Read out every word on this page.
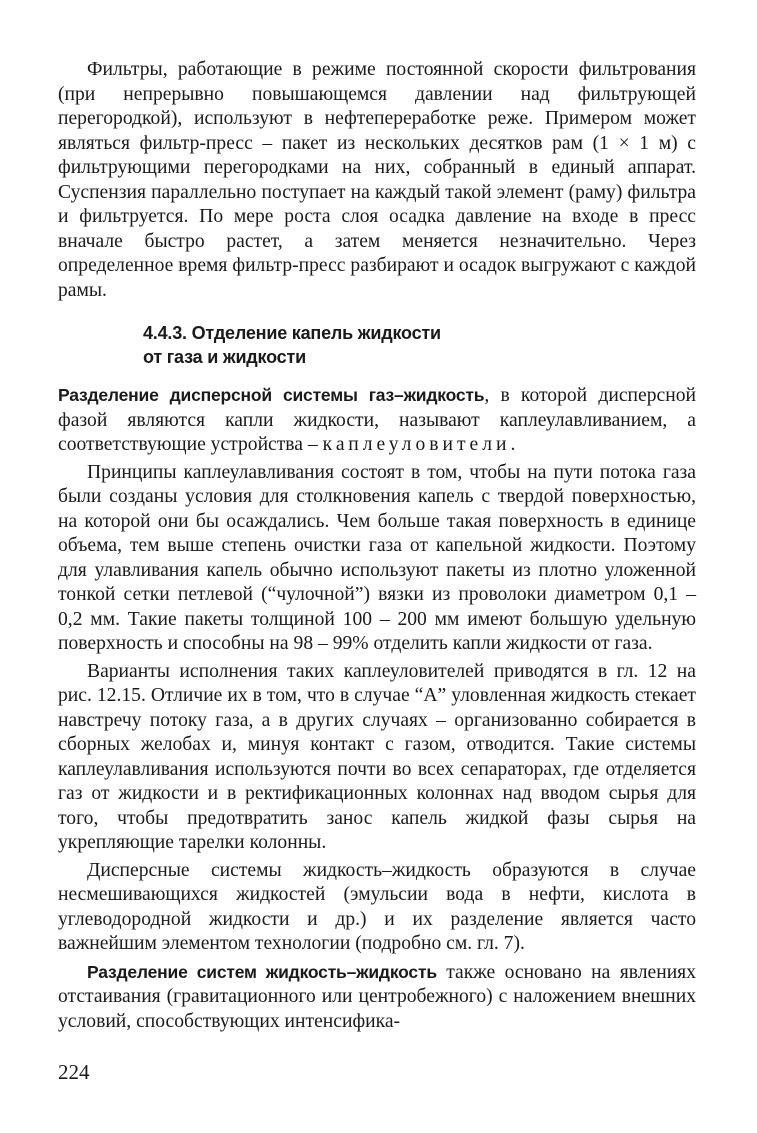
Фильтры, работающие в режиме постоянной скорости фильтрования (при непрерывно повышающемся давлении над фильтрующей перегородкой), используют в нефтепереработке реже. Примером может являться фильтр-пресс – пакет из нескольких десятков рам (1 × 1 м) с фильтрующими перегородками на них, собранный в единый аппарат. Суспензия параллельно поступает на каждый такой элемент (раму) фильтра и фильтруется. По мере роста слоя осадка давление на входе в пресс вначале быстро растет, а затем меняется незначительно. Через определенное время фильтр-пресс разбирают и осадок выгружают с каждой рамы.

4.4.3. Отделение капель жидкости
от газа и жидкости

Разделение дисперсной системы газ–жидкость, в которой дисперсной фазой являются капли жидкости, называют каплеулавливанием, а соответствующие устройства – каплеуловители.

Принципы каплеулавливания состоят в том, чтобы на пути потока газа были созданы условия для столкновения капель с твердой поверхностью, на которой они бы осаждались. Чем больше такая поверхность в единице объема, тем выше степень очистки газа от капельной жидкости. Поэтому для улавливания капель обычно используют пакеты из плотно уложенной тонкой сетки петлевой (“чулочной”) вязки из проволоки диаметром 0,1 – 0,2 мм. Такие пакеты толщиной 100 – 200 мм имеют большую удельную поверхность и способны на 98 – 99% отделить капли жидкости от газа.

Варианты исполнения таких каплеуловителей приводятся в гл. 12 на рис. 12.15. Отличие их в том, что в случае “А” уловленная жидкость стекает навстречу потоку газа, а в других случаях – организованно собирается в сборных желобах и, минуя контакт с газом, отводится. Такие системы каплеулавливания используются почти во всех сепараторах, где отделяется газ от жидкости и в ректификационных колоннах над вводом сырья для того, чтобы предотвратить занос капель жидкой фазы сырья на укрепляющие тарелки колонны.

Дисперсные системы жидкость–жидкость образуются в случае несмешивающихся жидкостей (эмульсии вода в нефти, кислота в углеводородной жидкости и др.) и их разделение является часто важнейшим элементом технологии (подробно см. гл. 7).

Разделение систем жидкость–жидкость также основано на явлениях отстаивания (гравитационного или центробежного) с наложением внешних условий, способствующих интенсифика-

224
